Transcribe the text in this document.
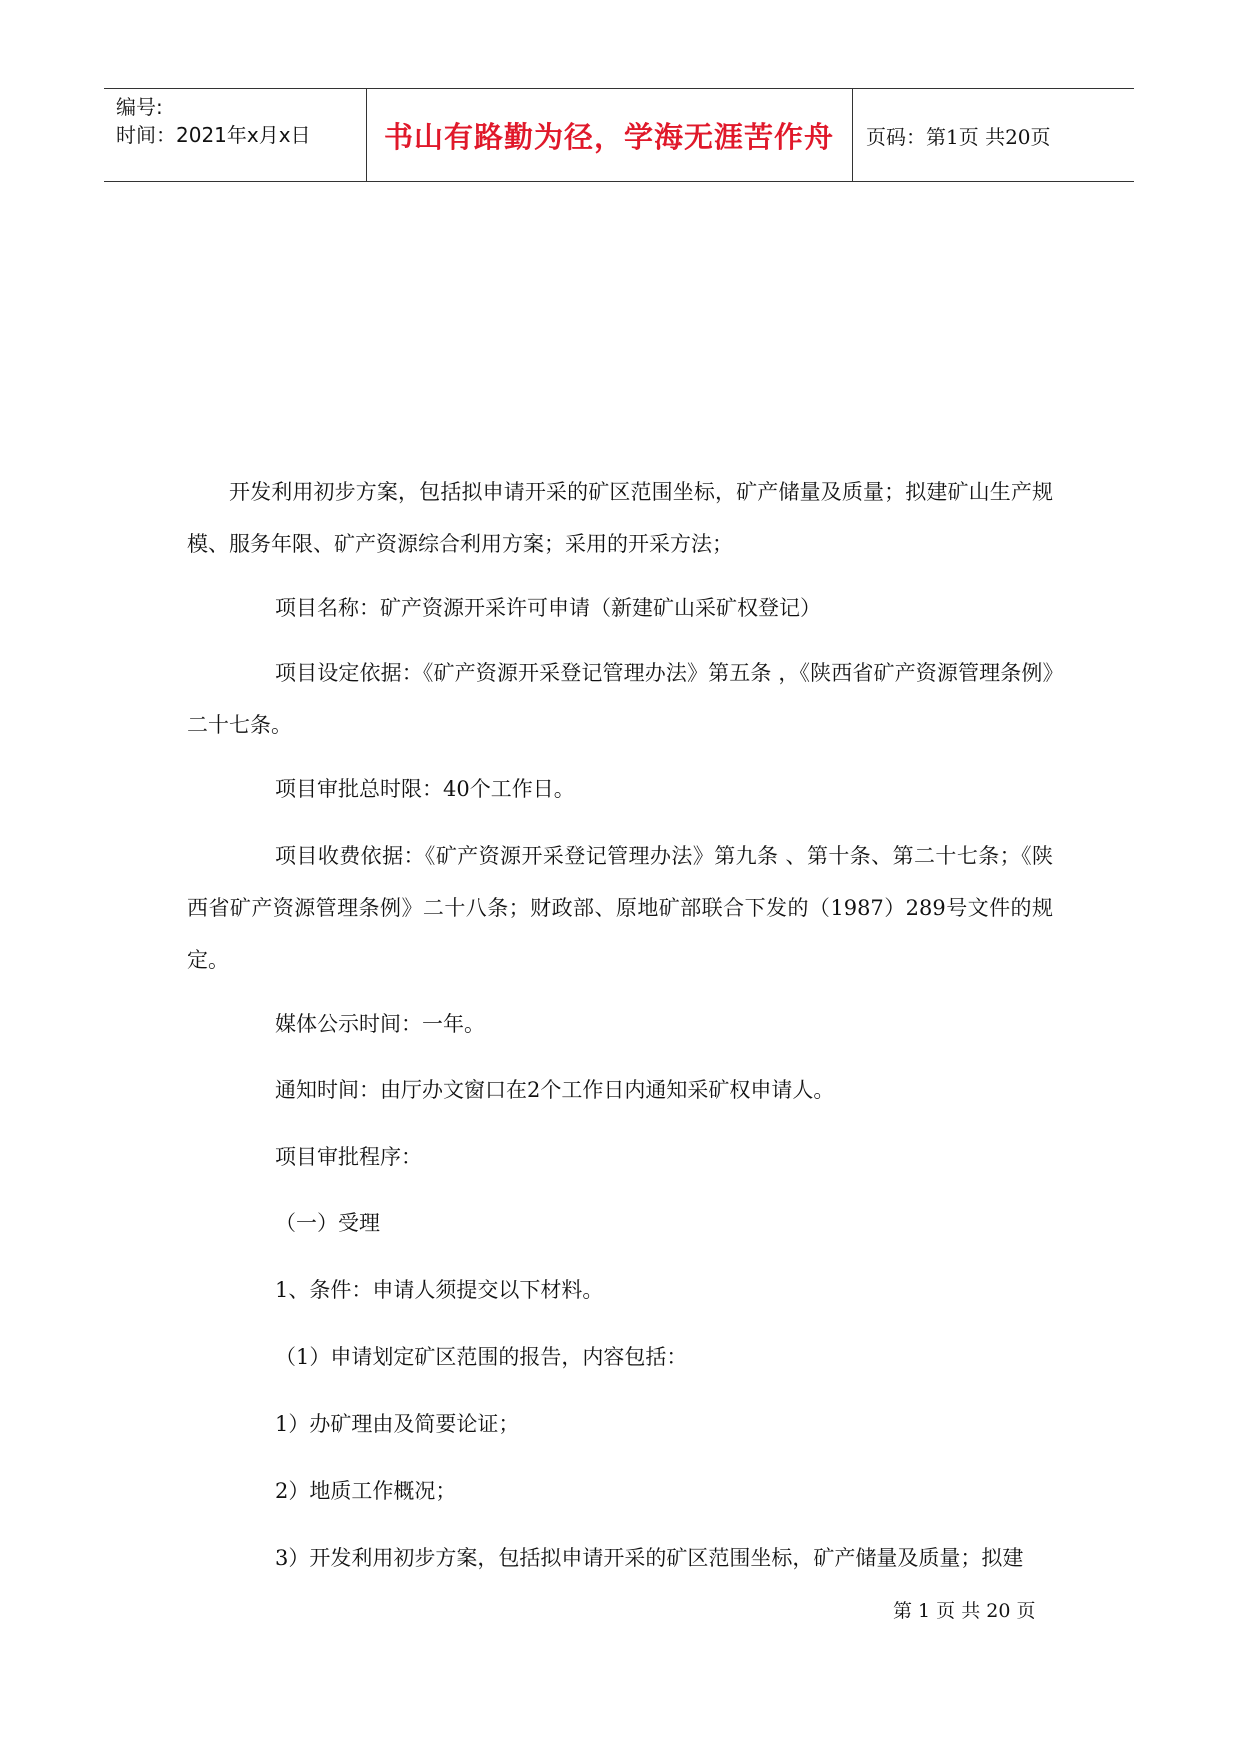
编号:
时间：2021年x月x日	书山有路勤为径，学海无涯苦作舟 页码：第1页 共20页
开发利用初步方案，包括拟申请开采的矿区范围坐标，矿产储量及质量；拟建矿山生产规模、服务年限、矿产资源综合利用方案；采用的开采方法；
项目名称：矿产资源开采许可申请（新建矿山采矿权登记）
项目设定依据：《矿产资源开采登记管理办法》第五条 ，《陕西省矿产资源管理条例》二十七条。
项目审批总时限：40个工作日。
项目收费依据：《矿产资源开采登记管理办法》第九条 、第十条、第二十七条；《陕西省矿产资源管理条例》二十八条；财政部、原地矿部联合下发的（1987）289号文件的规定。
媒体公示时间：一年。
通知时间：由厅办文窗口在2个工作日内通知采矿权申请人。
项目审批程序：
（一）受理
1、条件：申请人须提交以下材料。
（1）申请划定矿区范围的报告，内容包括：
1）办矿理由及简要论证；
2）地质工作概况；
3）开发利用初步方案，包括拟申请开采的矿区范围坐标，矿产储量及质量；拟建
第 1 页 共 20 页
